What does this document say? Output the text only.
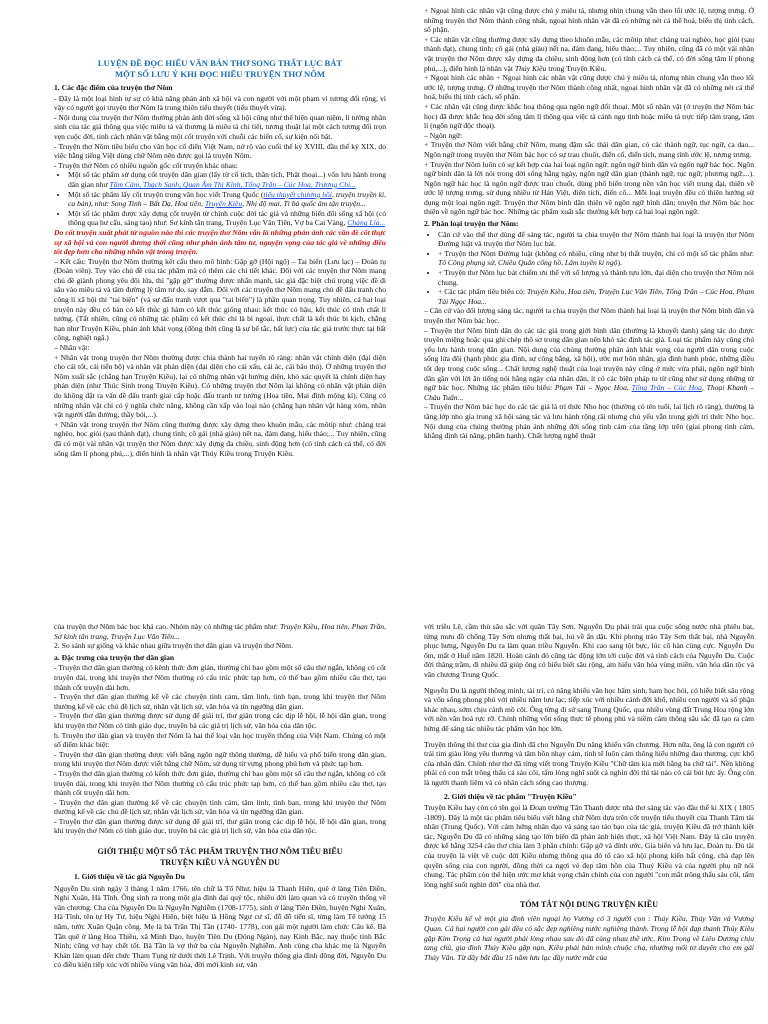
LUYỆN ĐỀ ĐỌC HIỂU VĂN BẢN THƠ SONG THẤT LỤC BÁT
MỘT SỐ LƯU Ý KHI ĐỌC HIỂU TRUYỆN THƠ NÔM

1. Các đặc điểm của truyện thơ Nôm

- Đây là một loại hình tự sự có khả năng phản ánh xã hội và con người với một phạm vi tương đối rộng, vì vậy có người gọi truyện thơ Nôm là trung thiên tiểu thuyết (tiểu thuyết vừa).

- Nội dung của truyện thơ Nôm thường phản ánh đời sống xã hội cũng như thế hiện quan niệm, lí tưởng nhân sinh của tác giả thông qua việc miêu tả và thương là miêu tả chi tiết, tương thuật lại một cách tương đối trọn vẹn cuộc đời, tính cách nhân vật bằng một cốt truyện với chuỗi các biến cố, sự kiện nối bật.

- Truyện thơ Nôm tiêu biểu cho văn học cổ điển Việt Nam, nở rộ vào cuối thế kỷ XVIII, đầu thế kỷ XIX, do việc bằng tiếng Việt dùng chữ Nôm nên được gọi là truyện Nôm.

- Truyện thơ Nôm có nhiều nguồn gốc cốt truyện khác nhau:

• Một số tác phẩm sử dụng cốt truyện dân gian (lấy từ cổ tích, thần tích, Phật thoại...) vốn lưu hành trong dân gian như Tấm Cám, Thạch Sanh, Quan Âm Thị Kính, Tống Trân – Cúc Hoa, Trương Chi...
• Một số tác phẩm lấy cốt truyện trong văn học viết Trung Quốc (tiểu thuyết chương hồi, truyện truyền kì, ca bản), như: Song Tinh – Bất Dạ, Hoa tiên, Truyện Kiều, Nhị độ mai, Tì bà quốc âm tân truyện...
• Một số tác phẩm được xây dựng cốt truyện từ chính cuộc đời tác giả và những biến đổi sống xã hội (có thông qua hư cấu, sáng tạo) như: Sơ kính tân trang, Truyện Lục Vân Tiên, Vợ ba Cai Vàng, Chàng Lía...

Do cốt truyện xuất phát từ nguồn nào thì các truyện thơ Nôm vẫn là những phản ánh các vấn đề cốt thực sự xã hội và con người đương thời cũng như phản ánh tâm tư, nguyện vọng của tác giả về những điều tốt đẹp hơn cho những nhân vật trong truyện.

– Kết cấu: Truyện thơ Nôm thường kết cấu theo mô hình: Gặp gỡ (Hội ngộ) – Tai biến (Lưu lạc) – Đoàn tụ (Đoàn viên). Tuy vào chủ đề của tác phẩm mà có thêm các chi tiết khác. Đối với các truyện thơ Nôm mang chủ đề giành phong yêu đôi lứa, thì "gặp gỡ" thường được nhấn mạnh, tác giả đặc biệt chú trọng việc đề đi sâu vào miêu tả và tâm đường lý tâm tư do, say đắm. Đối với các truyện thơ Nôm mang chủ đề đấu tranh cho công lí xã hội thì "tai biến" (và sự đấu tranh vượt qua "tai biến") là phần quan trọng. Tuy nhiên, cả hai loại truyện này đều có bàn có kết thúc gì hàm có kết thúc giống nhau: kết thúc có hậu, kết thúc có tính chất lí tưởng. (Tất nhiên, cũng có những tác phẩm có kết thúc chỉ là bi ngoại, thực chất là kết thúc bi kịch, chẳng hạn như Truyện Kiều, phản ánh khát vọng (đồng thời cũng là sự bế tắc, bất lực) của tác giả trước thực tại bất công, nghiệt ngã.)

– Nhân vật:

+ Nhân vật trong truyện thơ Nôm thường được chia thành hai tuyến rõ ràng: nhân vật chính diện (đại diện cho cái tốt, cái tiến bộ) và nhân vật phản diện (đại diện cho cái xấu, cái ác, cái bảo thủ). Ở những truyện thơ Nôm xuất sắc (chẳng hạn Truyện Kiều), lại có những nhân vật hướng diện, khó xác quyết là chính diện hay phản diện (như Thúc Sinh trong Truyện Kiều). Có những truyện thơ Nôm lại không có nhân vật phản diện do không đặt ra vấn đề đấu tranh giai cấp hoặc đấu tranh tư tưởng (Hoa tiên, Mai đình mộng kí). Cũng có những nhân vật chỉ có ý nghĩa chức năng, không cần xấp vào loại nào (chẳng hạn nhân vật hàng xóm, nhân vật người dẫn đường, thầy bói,...).

+ Nhân vật trong truyện thơ Nôm cũng thường được xây dựng theo khuôn mẫu, các môtip như: chàng trai nghèo, học giỏi (sau thành đạt), chung tình; cô gái (nhà giàu) nết na, đảm đang, hiếu thảo;... Tuy nhiên, cũng đã có một vài nhân vật truyện thơ Nôm được xây dựng đa chiều, sinh động hơn (có tính cách cá thể, có đời sống tâm lí phong phú,...), điển hình là nhân vật Thúy Kiều trong Truyện Kiều.

+ Ngoại hình các nhân vật cũng được chú ý miêu tả, nhưng nhìn chung vẫn theo lối ước lệ, tượng trưng. Ở những truyện thơ Nôm thành công nhất, ngoại hình nhân vật đã có những nét cá thể hoá, biểu thị tính cách, số phận.

+ Các nhân vật cũng thường được xây dựng theo khuôn mẫu, các môtip như: chàng trai nghèo, học giỏi (sau thành đạt), chung tình; cô gái (nhà giàu) nết na, đảm đang, hiếu thảo;... Tuy nhiên, cũng đã có một vài nhân vật truyện thơ Nôm được xây dựng đa chiều, sinh động hơn (có tính cách cá thể, có đời sống tâm lí phong phú,...), điển hình là nhân vật Thúy Kiều trong Truyện Kiều.

+ Ngoại hình các nhân + Ngoại hình các nhân vật cũng được chú ý miêu tả, nhưng nhìn chung vẫn theo lối ước lệ, tượng trưng. Ở những truyện thơ Nôm thành công nhất, ngoại hình nhân vật đã có những nét cá thể hoá, biểu thị tính cách, số phận.

+ Các nhân vật cũng được khắc hoạ thông qua ngôn ngữ đối thoại. Một số nhân vật (ở truyện thơ Nôm bác học) đã được khắc hoạ đời sống tâm lí thông qua việc tả cảnh ngụ tình hoặc miêu tả trực tiếp tâm trạng, tâm lí (ngôn ngữ độc thoại).

– Ngôn ngữ:

+ Truyện thơ Nôm viết bằng chữ Nôm, mang đậm sắc thái dân gian, có các thành ngữ, tục ngữ, ca dao... Ngôn ngữ trong truyện thơ Nôm bác học có sự trau chuốt, điển cố, điển tích, mang tính ước lệ, tượng trưng.

+ Truyện thơ Nôm luôn có sự kết hợp của hai loại ngôn ngữ: ngôn ngữ bình dân và ngôn ngữ bác học. Ngôn ngữ bình dân là lời nói trong đời sống hằng ngày, ngôn ngữ dân gian (thành ngữ, tục ngữ, phương ngữ,...). Ngôn ngữ bác học là ngôn ngữ được trau chuốt, dùng phổ biến trong nền văn học viết trung đại, thiên về ước lệ tượng trưng, sử dụng nhiều từ Hán Việt, điển tích, điển cố... Mỗi loại truyện đều có thiên hướng sử dụng một loại ngôn ngữ. Truyện thơ Nôm bình dân thiên về ngôn ngữ bình dân; truyện thơ Nôm bác học thiên về ngôn ngữ bác học. Những tác phẩm xuất sắc thường kết hợp cả hai loại ngôn ngữ.

2. Phân loại truyện thơ Nôm:

• Căn cứ vào thể thơ dùng để sáng tác, người ta chia truyện thơ Nôm thành hai loại là truyện thơ Nôm Đường luật và truyện thơ Nôm lục bát.
• + Truyện thơ Nôm Đường luật (không có nhiều, cũng như bị thất truyện, chỉ có một số tác phẩm như: Tô Công phụng sứ, Chiêu Quân cống hồ, Lâm tuyền kì ngộ).
• + Truyện thơ Nôm lục bát chiếm ưu thế với số lượng và thành tựu lớn, đại diện cho truyện thơ Nôm nói chung.
• + Các tác phẩm tiêu biểu có: Truyện Kiều, Hoa tiên, Truyện Lục Vân Tiên, Tống Trân – Cúc Hoa, Phạm Tải Ngọc Hoa...

– Căn cứ vào đối tượng sáng tác, người ta chia truyện thơ Nôm thành hai loại là truyện thơ Nôm bình dân và truyện thơ Nôm bác học.

– Truyện thơ Nôm bình dân do các tác giả trong giới bình dân (thường là khuyết danh) sáng tác do được truyền miệng hoặc qua ghi chép thô sơ trong dân gian nên khó xác định tác giả. Loại tác phẩm này cũng chú yếu lưu hành trong dân gian. Nội dung của chúng thường phản ánh khát vọng của người dân trong cuộc sống lứa đôi (hạnh phúc gia đình, sự công bằng, xã hội), ước mơ hôn nhân, gia đình hạnh phúc, những điều tốt đẹp trong cuộc sống... Chất lượng nghệ thuật của loại truyện này cũng ở mức vừa phải, ngôn ngữ bình dân gần với lời ăn tiếng nói hằng ngày của nhân dân, ít có các biện pháp tu từ cũng như sử dụng những từ ngữ bác học. Những tác phẩm tiêu biểu: Phạm Tải – Ngọc Hoa, Tống Trân – Cúc Hoa, Thoại Khanh – Châu Tuấn...

– Truyện thơ Nôm bác học do các tác giả là trí thức Nho học (thường có tên tuổi, lai lịch rõ ràng), thường là tầng lớp nho gia trung xã hội sáng tác và lưu hành rộng rãi nhưng chủ yếu vẫn trong giới trí thức Nho học. Nội dung của chúng thường phản ánh những đời sống tình cảm của tầng lớp trên (giai phong tình cảm, khẳng định tài năng, phẩm hạnh). Chất lượng nghệ thuật

của truyện thơ Nôm bác học khá cao. Nhóm này có những tác phẩm như: Truyện Kiều, Hoa tiên, Phan Trần, Sơ kính tân trang, Truyện Lục Vân Tiên...

2. So sánh sự giống và khác nhau giữa truyện thơ dân gian và truyện thơ Nôm.

a. Đặc trưng của truyện thơ dân gian

- Truyện thơ dân gian thường có kênh thức đơn giản, thường chỉ bao gồm một số câu thơ ngắn, không có cốt truyện dài, trong khi truyện thơ Nôm thường có cấu trúc phức tạp hơn, có thể bao gồm nhiều câu thơ, tạo thành cốt truyện dài hơn.

- Truyện thơ dân gian thường kể về các chuyện tình cảm, tâm linh, tình bạn, trong khi truyện thơ Nôm thường kể về các chủ đề lịch sử, nhân vật lịch sử, văn hóa và tín ngưỡng dân gian.

- Truyện thơ dân gian thường được sử dụng để giải trí, thư giãn trong các dịp lễ hội, lễ hội dân gian, trong khi truyện thơ Nôm có tính giáo dục, truyền bá các giá trị lịch sử, văn hóa của dân tộc.

b. Truyện thơ dân gian và truyện thơ Nôm là hai thể loại văn học truyền thống của Việt Nam. Chúng có một số điểm khác biệt:

- Truyện thơ dân gian thường được viết bằng ngôn ngữ thông thường, dễ hiểu và phổ biến trong dân gian, trong khi truyện thơ Nôm được viết bằng chữ Nôm, sử dụng từ vựng phong phú hơn và phức tạp hơn.

- Truyện thơ dân gian thường có kênh thức đơn giản, thường chỉ bao gồm một số câu thơ ngắn, không có cốt truyện dài, trong khi truyện thơ Nôm thường có cấu trúc phức tạp hơn, có thể bao gồm nhiều câu thơ, tạo thành cốt truyện dài hơn.

- Truyện thơ dân gian thường kể về các chuyện tình cảm, tâm linh, tình bạn, trong khi truyện thơ Nôm thường kể về các chủ đề lịch sử, nhân vật lịch sử, văn hóa và tín ngưỡng dân gian.

- Truyện thơ dân gian thường được sử dụng để giải trí, thư giãn trong các dịp lễ hội, lễ hội dân gian, trong khi truyện thơ Nôm có tính giáo dục, truyền bá các giá trị lịch sử, văn hóa của dân tộc.

GIỚI THIỆU MỘT SỐ TÁC PHẨM TRUYỆN THƠ NÔM TIÊU BIỂU
TRUYỆN KIỀU VÀ NGUYỄN DU

1. Giới thiệu về tác giả Nguyễn Du

Nguyễn Du sinh ngày 3 tháng 1 năm 1766, tên chữ là Tố Như, hiệu là Thanh Hiên, quê ở làng Tiên Điền, Nghi Xuân, Hà Tĩnh. Ông sinh ra trong một gia đình đại quý tộc, nhiều đời làm quan và có truyền thống về văn chương. Cha của Nguyễn Du là Nguyễn Nghiễm (1708-1775), sinh ở làng Tiên Điền, huyện Nghi Xuân, Hà Tĩnh, tên tự Hy Tư, hiệu Nghị Hiên, biệt hiệu là Hồng Ngư cư sĩ, đỗ đỗ tiến sĩ, từng làm Tể tướng 15 năm, tước Xuân Quận công. Mẹ là bà Trần Thị Tần (1740- 1778), con gái một người làm chức Câu kê. Bà Tần quê ở làng Hoa Thiều, xã Minh Đạo, huyện Tiên Du (Đông Ngàn), nay Kinh Bắc, nay thuộc tỉnh Bắc Ninh; cũng vợ hay chết tốt. Bà Tần là vợ thứ ba của Nguyễn Nghiễm. Anh cùng cha khác mẹ là Nguyễn Khản làm quan đến chức Tham Tụng từ dưới thời Lê Trịnh. Với truyền thống gia đình đông đời, Nguyễn Du có điều kiện tiếp xúc với nhiều vùng văn hóa, đời mới kinh sư, văn

với triều Lê, cầm thù sâu sắc với quân Tây Sơn. Nguyễn Du phải trải qua cuộc sống nước nhà phiêu bạt, từng mưu đồ chống Tây Sơn nhưng thất bại, lui về ẩn dật. Khi phong trào Tây Sơn thất bại, nhà Nguyễn phục hưng, Nguyễn Du ra làm quan triều Nguyễn. Khi cao sang tột bực, lúc cô hàn cùng cực. Nguyễn Du ốm, mất ở Huế năm 1820. Hoàn cảnh đó cũng tác động lớn tới cuộc đời và tính cách của Nguyễn Du. Cuộc đời thăng trầm, đi nhiều đã giúp ông có hiểu biết sâu rộng, am hiểu văn hóa vùng miền, văn hóa dân tộc và văn chương Trung Quốc.

Nguyễn Du là người thông minh, tài trí, có năng khiếu văn học bẩm sinh, ham học hỏi, có hiểu biết sâu rộng và vốn sống phong phú với nhiều năm lưu lạc, tiếp xúc với nhiều cảnh đời khổ, nhiều con người và số phận khác nhau, sớm chịu cảnh mồ côi. Ông từng đi sứ sang Trung Quốc, qua nhiều vùng đất Trung Hoa rộng lớn với nền văn hoá rực rỡ. Chính những vốn sống thực tế phong phú và niềm cảm thông sâu sắc đã tạo ra cảm hứng để sáng tác nhiều tác phẩm văn học lớn.

Truyện thông thì thư của gia đình đã cho Nguyễn Du năng khiếu văn chương. Hơn nữa, ông là con người có trái tim giàu lòng yêu thương và tâm hồn nhạy cảm, tình tê luôn cảm thông hiểu những đau thương, cực khổ của nhân dân. Chính như thơ đã từng viết trong Truyện Kiều "Chữ tâm kia mới bằng ba chữ tài". Nền không phải có con mắt trông thấu cả sáu cõi, tấm lòng nghĩ suốt cả nghìn đời thì tài nào có cái bút lực ấy. Ông còn là người thanh liêm và có nhân cách sống cao thượng.

2. Giới thiệu về tác phẩm "Truyện Kiều"

Truyện Kiều hay còn có tên gọi là Đoạn trường Tân Thanh được nhà thơ sáng tác vào đầu thế kỉ XIX ( 1805 -1809). Đây là một tác phẩm tiêu biểu viết bằng chữ Nôm dựa trên cốt truyện tiểu thuyết của Thanh Tâm tài nhân (Trung Quốc). Với cảm hứng nhân đạo và sáng tạo táo bạo của tác giả, truyện Kiều đã trở thành kiệt tác, Nguyễn Du đã có những sáng tạo lớn biến đã phản ánh hiện thực, xã hội Việt Nam. Đây là câu truyện được kể bằng 3254 câu thơ chia làm 3 phần chính: Gặp gỡ và đính ước, Gia biến và lưu lạc, Đoàn tụ. Đủ tài của truyện là việt về cuộc đời Kiều nhưng thông qua đó tố cáo xã hội phong kiến bất công, chà đạp lên quyền sống của con người, đồng thời ca ngợi vẻ đẹp tâm hồn của Thuý Kiều và của người phụ nữ nói chung. Tác phẩm còn thể hiện ước mơ khát vọng chân chính của con người "con mắt trông thấu sáu cõi, tấm lòng nghĩ suốt nghìn đời" của nhà thơ.

TÓM TẮT NỘI DUNG TRUYỆN KIỀU

Truyện Kiều kể về một gia đình viên ngoại họ Vương có 3 người con : Thúy Kiều, Thúy Vân và Vương Quan. Cả hai người con gái đều có sắc đẹp nghiêng nước nghiêng thành. Trong lễ hội đạp thanh Thúy Kiều gặp Kim Trọng cả hai người phải lòng nhau sau đó đã cùng nhau thề ước. Kim Trọng về Liêu Dương chịu tang chú, gia đình Thúy Kiều gặp nạn. Kiều phải bán mình chuộc cha, nhường mối tơ duyên cho em gái Thúy Vân. Từ đây bắt đầu 15 năm lưu lạc đầy nước mắt của
